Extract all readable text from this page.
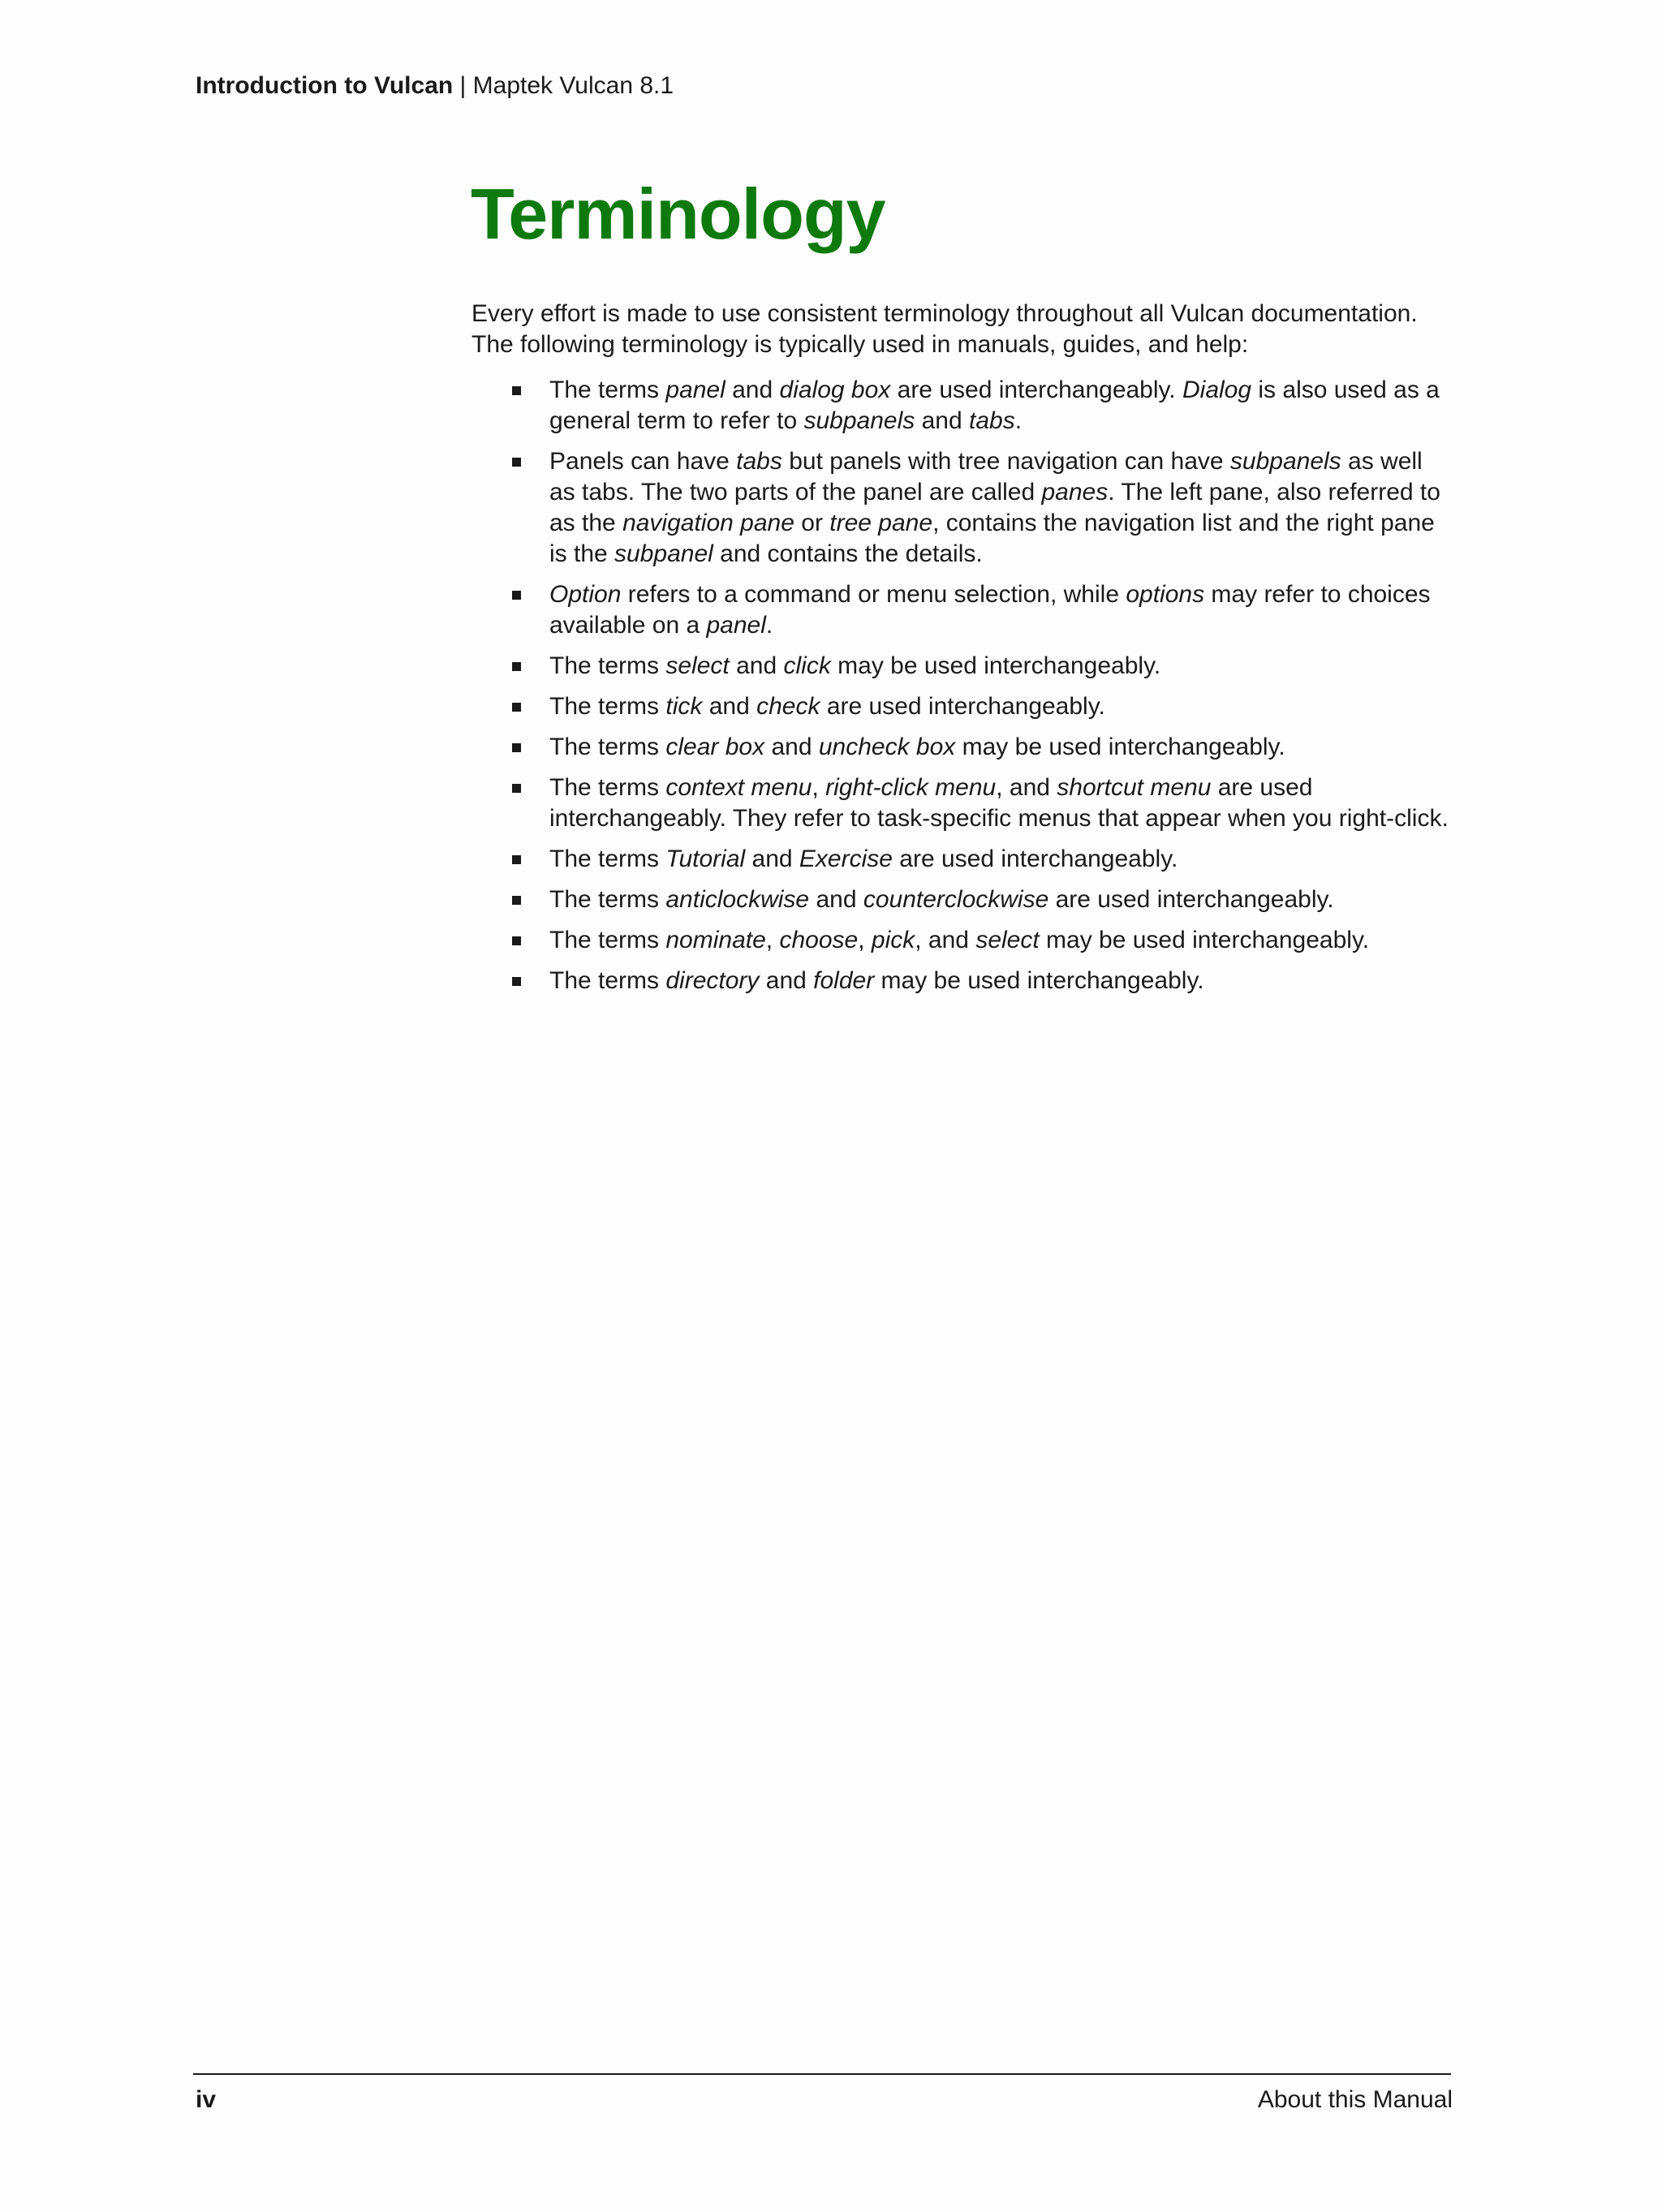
Introduction to Vulcan | Maptek Vulcan 8.1
Terminology

Every effort is made to use consistent terminology throughout all Vulcan documentation.

The following terminology is typically used in manuals, guides, and help:

The terms panel and dialog box are used interchangeably. Dialog is also used as a general term to refer to subpanels and tabs.
Panels can have tabs but panels with tree navigation can have subpanels as well as tabs. The two parts of the panel are called panes. The left pane, also referred to as the navigation pane or tree pane, contains the navigation list and the right pane is the subpanel and contains the details.
Option refers to a command or menu selection, while options may refer to choices available on a panel.
The terms select and click may be used interchangeably.
The terms tick and check are used interchangeably.
The terms clear box and uncheck box may be used interchangeably.
The terms context menu, right-click menu, and shortcut menu are used interchangeably. They refer to task-specific menus that appear when you right-click.
The terms Tutorial and Exercise are used interchangeably.
The terms anticlockwise and counterclockwise are used interchangeably.
The terms nominate, choose, pick, and select may be used interchangeably.
The terms directory and folder may be used interchangeably.
iv	About this Manual
